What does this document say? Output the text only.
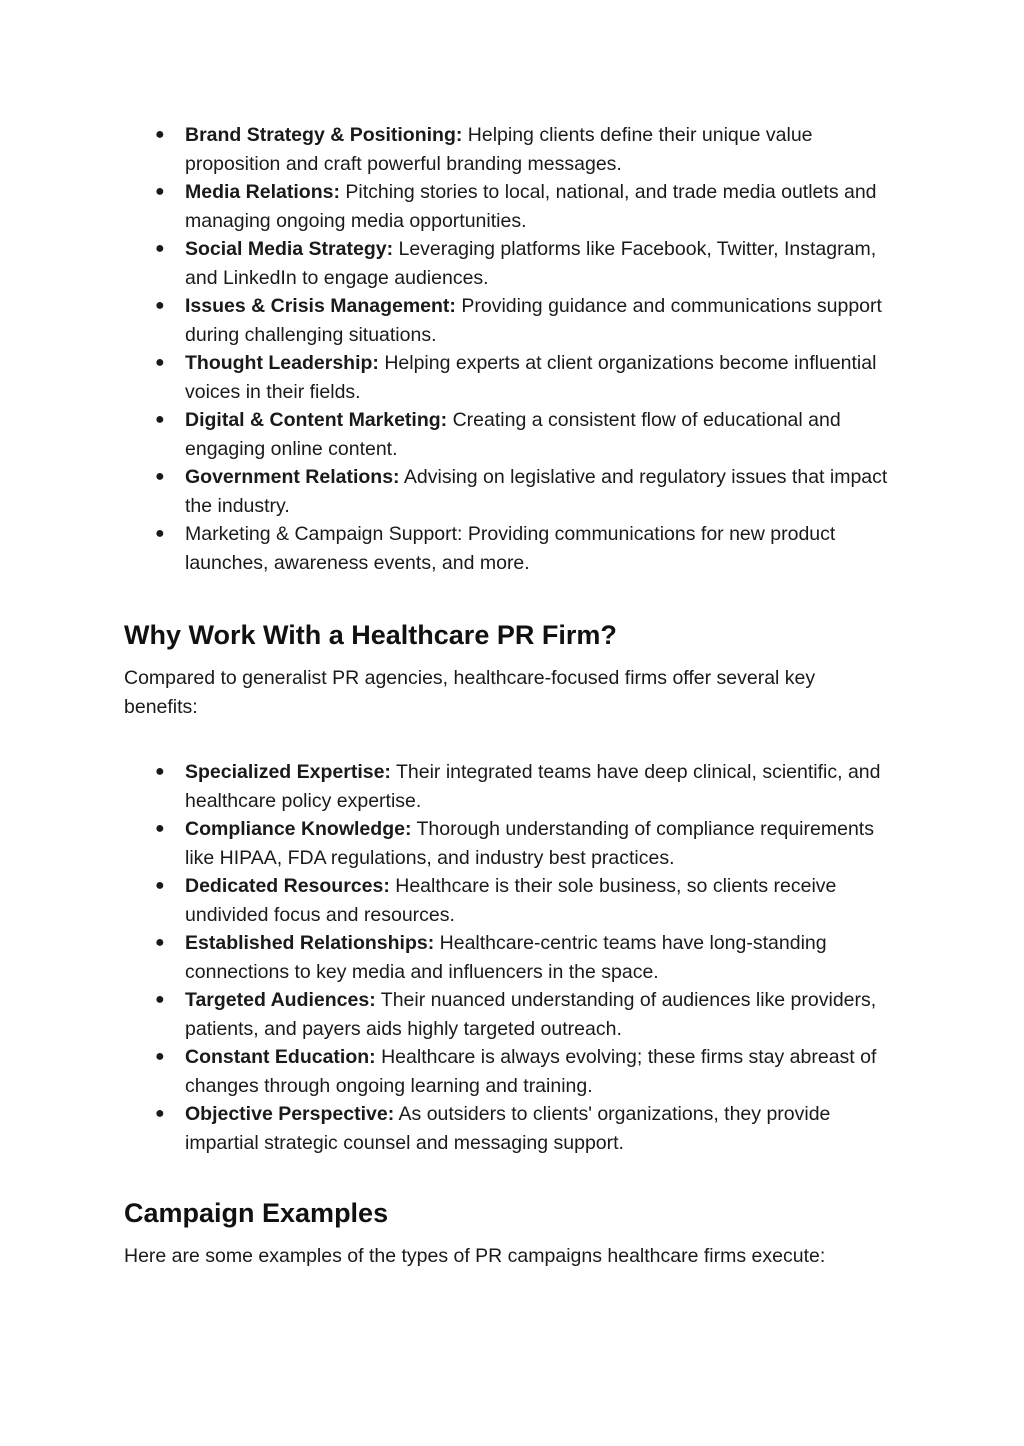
● Brand Strategy & Positioning: Helping clients define their unique value proposition and craft powerful branding messages.
● Media Relations: Pitching stories to local, national, and trade media outlets and managing ongoing media opportunities.
● Social Media Strategy: Leveraging platforms like Facebook, Twitter, Instagram, and LinkedIn to engage audiences.
● Issues & Crisis Management: Providing guidance and communications support during challenging situations.
● Thought Leadership: Helping experts at client organizations become influential voices in their fields.
● Digital & Content Marketing: Creating a consistent flow of educational and engaging online content.
● Government Relations: Advising on legislative and regulatory issues that impact the industry.
● Marketing & Campaign Support: Providing communications for new product launches, awareness events, and more.
Why Work With a Healthcare PR Firm?

Compared to generalist PR agencies, healthcare-focused firms offer several key benefits:

● Specialized Expertise: Their integrated teams have deep clinical, scientific, and healthcare policy expertise.
● Compliance Knowledge: Thorough understanding of compliance requirements like HIPAA, FDA regulations, and industry best practices.
● Dedicated Resources: Healthcare is their sole business, so clients receive undivided focus and resources.
● Established Relationships: Healthcare-centric teams have long-standing connections to key media and influencers in the space.
● Targeted Audiences: Their nuanced understanding of audiences like providers, patients, and payers aids highly targeted outreach.
● Constant Education: Healthcare is always evolving; these firms stay abreast of changes through ongoing learning and training.
● Objective Perspective: As outsiders to clients' organizations, they provide impartial strategic counsel and messaging support.
Campaign Examples

Here are some examples of the types of PR campaigns healthcare firms execute:
